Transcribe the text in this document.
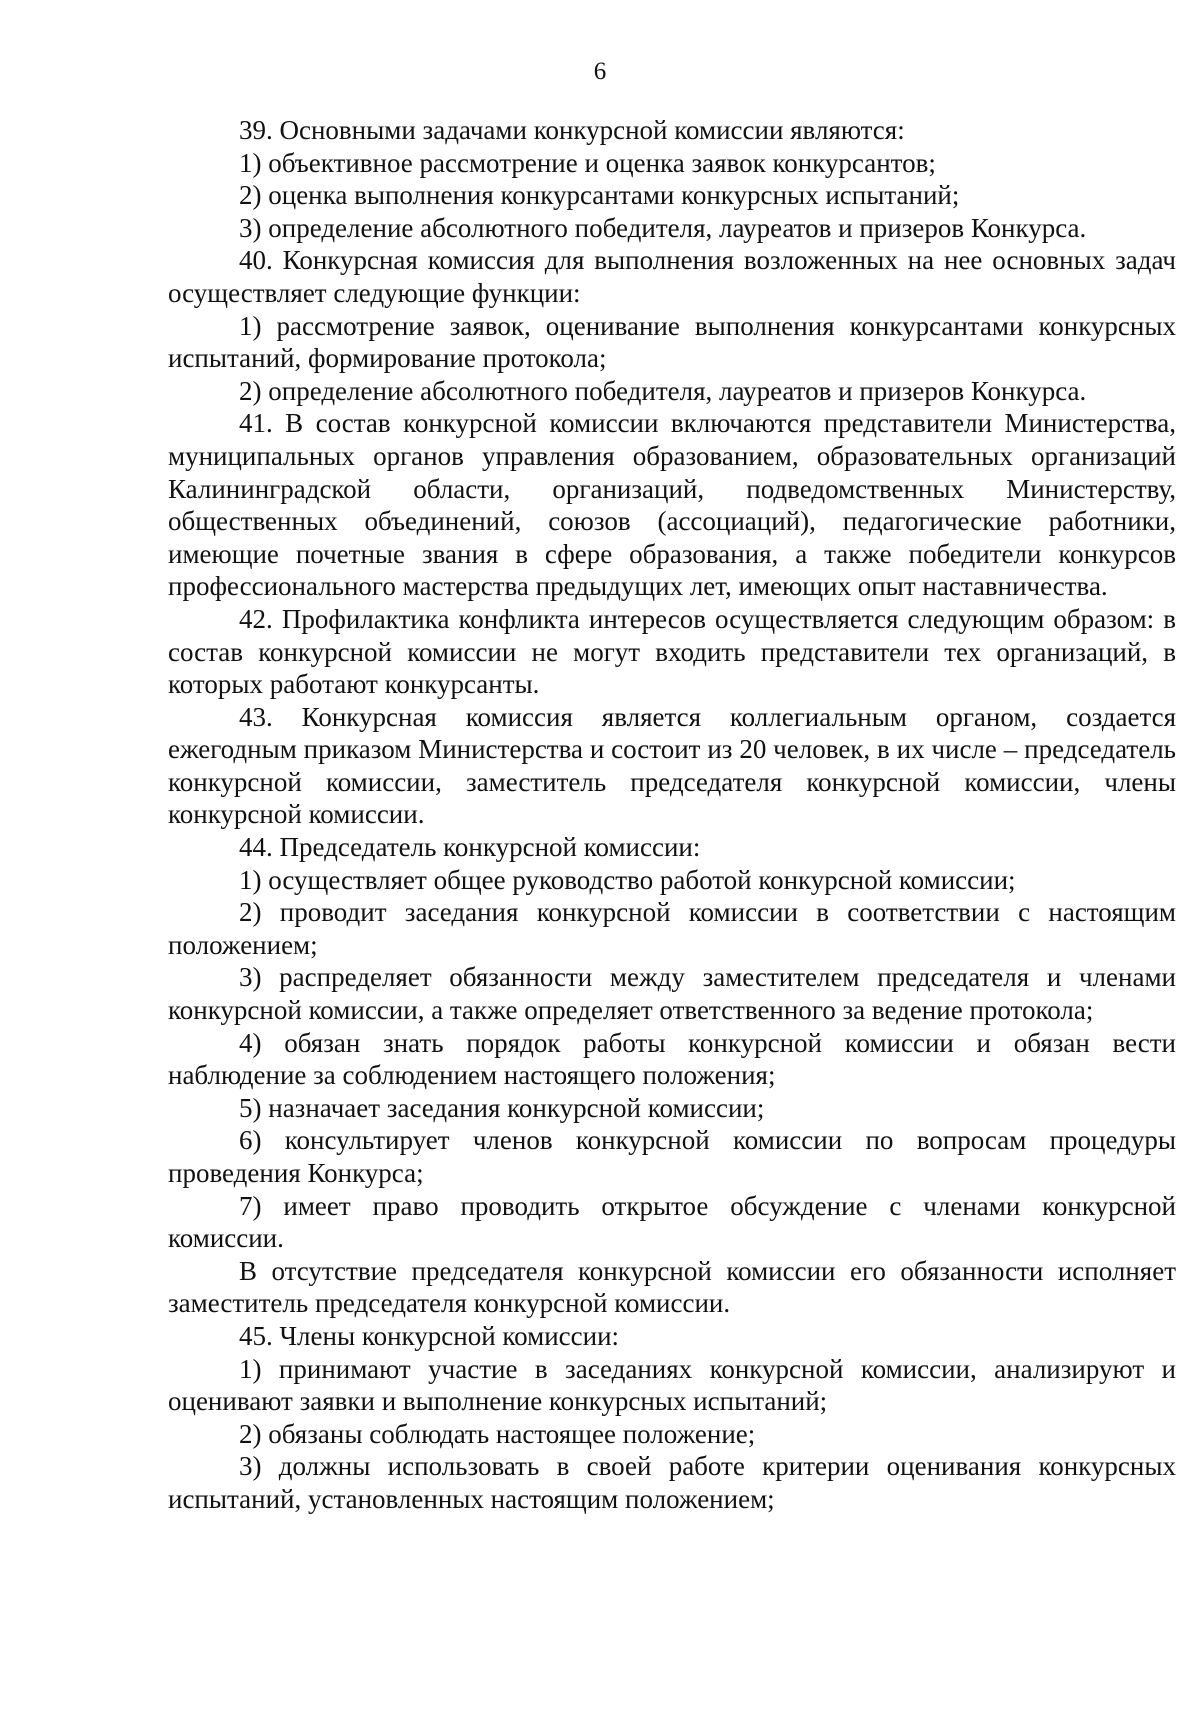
6

39. Основными задачами конкурсной комиссии являются:

1) объективное рассмотрение и оценка заявок конкурсантов;

2) оценка выполнения конкурсантами конкурсных испытаний;

3) определение абсолютного победителя, лауреатов и призеров Конкурса.

40. Конкурсная комиссия для выполнения возложенных на нее основных задач осуществляет следующие функции:

1) рассмотрение заявок, оценивание выполнения конкурсантами конкурсных испытаний, формирование протокола;

2) определение абсолютного победителя, лауреатов и призеров Конкурса.

41. В состав конкурсной комиссии включаются представители Министерства, муниципальных органов управления образованием, образовательных организаций Калининградской области, организаций, подведомственных Министерству, общественных объединений, союзов (ассоциаций), педагогические работники, имеющие почетные звания в сфере образования, а также победители конкурсов профессионального мастерства предыдущих лет, имеющих опыт наставничества.

42. Профилактика конфликта интересов осуществляется следующим образом: в состав конкурсной комиссии не могут входить представители тех организаций, в которых работают конкурсанты.

43. Конкурсная комиссия является коллегиальным органом, создается ежегодным приказом Министерства и состоит из 20 человек, в их числе – председатель конкурсной комиссии, заместитель председателя конкурсной комиссии, члены конкурсной комиссии.

44. Председатель конкурсной комиссии:

1) осуществляет общее руководство работой конкурсной комиссии;

2) проводит заседания конкурсной комиссии в соответствии с настоящим положением;

3) распределяет обязанности между заместителем председателя и членами конкурсной комиссии, а также определяет ответственного за ведение протокола;

4) обязан знать порядок работы конкурсной комиссии и обязан вести наблюдение за соблюдением настоящего положения;

5) назначает заседания конкурсной комиссии;

6) консультирует членов конкурсной комиссии по вопросам процедуры проведения Конкурса;

7) имеет право проводить открытое обсуждение с членами конкурсной комиссии.

В отсутствие председателя конкурсной комиссии его обязанности исполняет заместитель председателя конкурсной комиссии.

45. Члены конкурсной комиссии:

1) принимают участие в заседаниях конкурсной комиссии, анализируют и оценивают заявки и выполнение конкурсных испытаний;

2) обязаны соблюдать настоящее положение;

3) должны использовать в своей работе критерии оценивания конкурсных испытаний, установленных настоящим положением;
